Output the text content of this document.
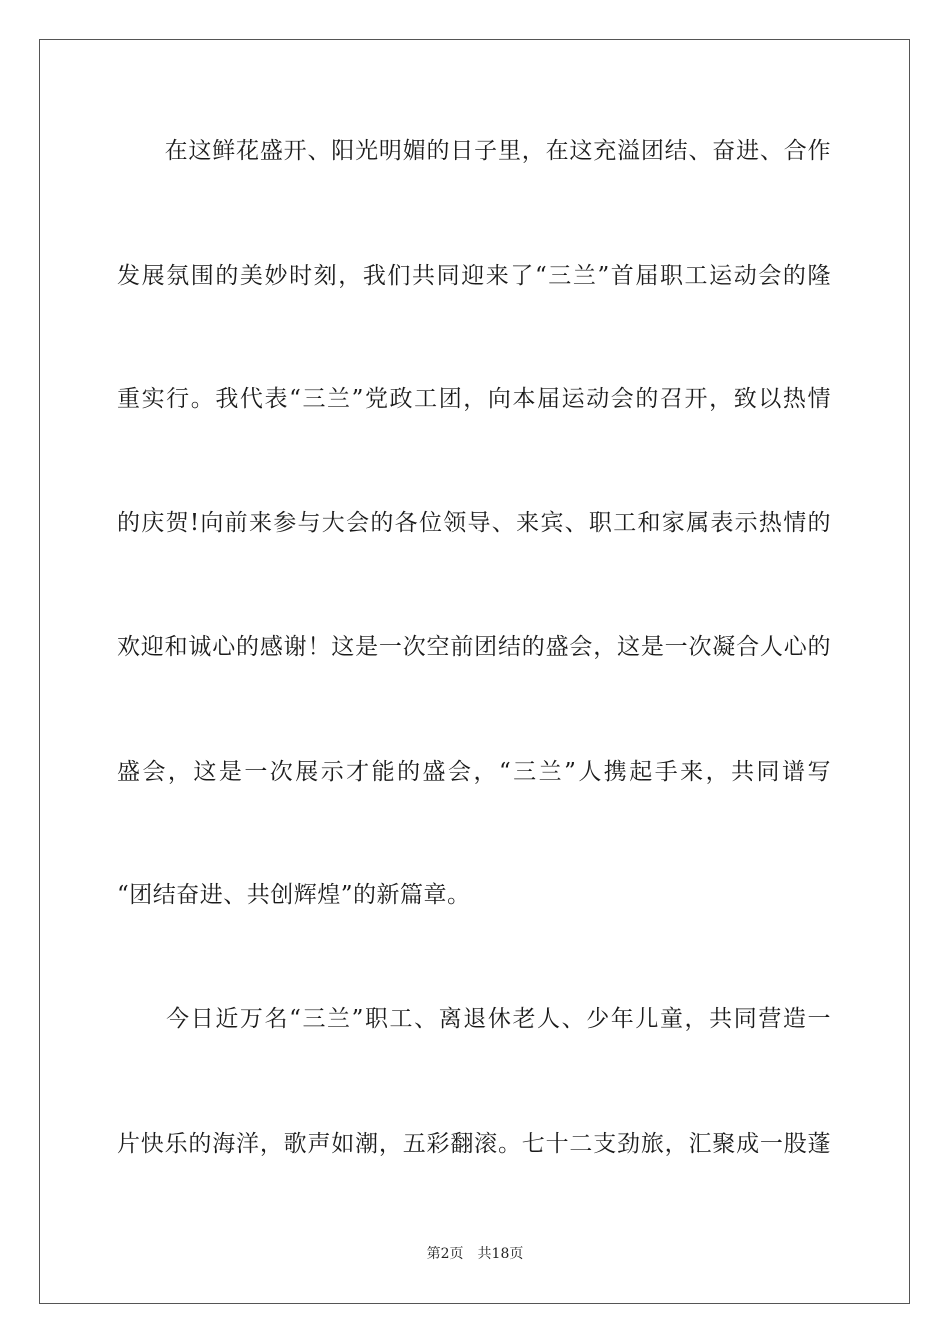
　　在这鲜花盛开、阳光明媚的日子里，在这充溢团结、奋进、合作
发展氛围的美妙时刻，我们共同迎来了“三兰”首届职工运动会的隆
重实行。我代表“三兰”党政工团，向本届运动会的召开，致以热情
的庆贺!向前来参与大会的各位领导、来宾、职工和家属表示热情的
欢迎和诚心的感谢！这是一次空前团结的盛会，这是一次凝合人心的
盛会，这是一次展示才能的盛会，“三兰”人携起手来，共同谱写
“团结奋进、共创辉煌”的新篇章。
　　今日近万名“三兰”职工、离退休老人、少年儿童，共同营造一
片快乐的海洋，歌声如潮，五彩翻滚。七十二支劲旅，汇聚成一股蓬
第2页 共18页
